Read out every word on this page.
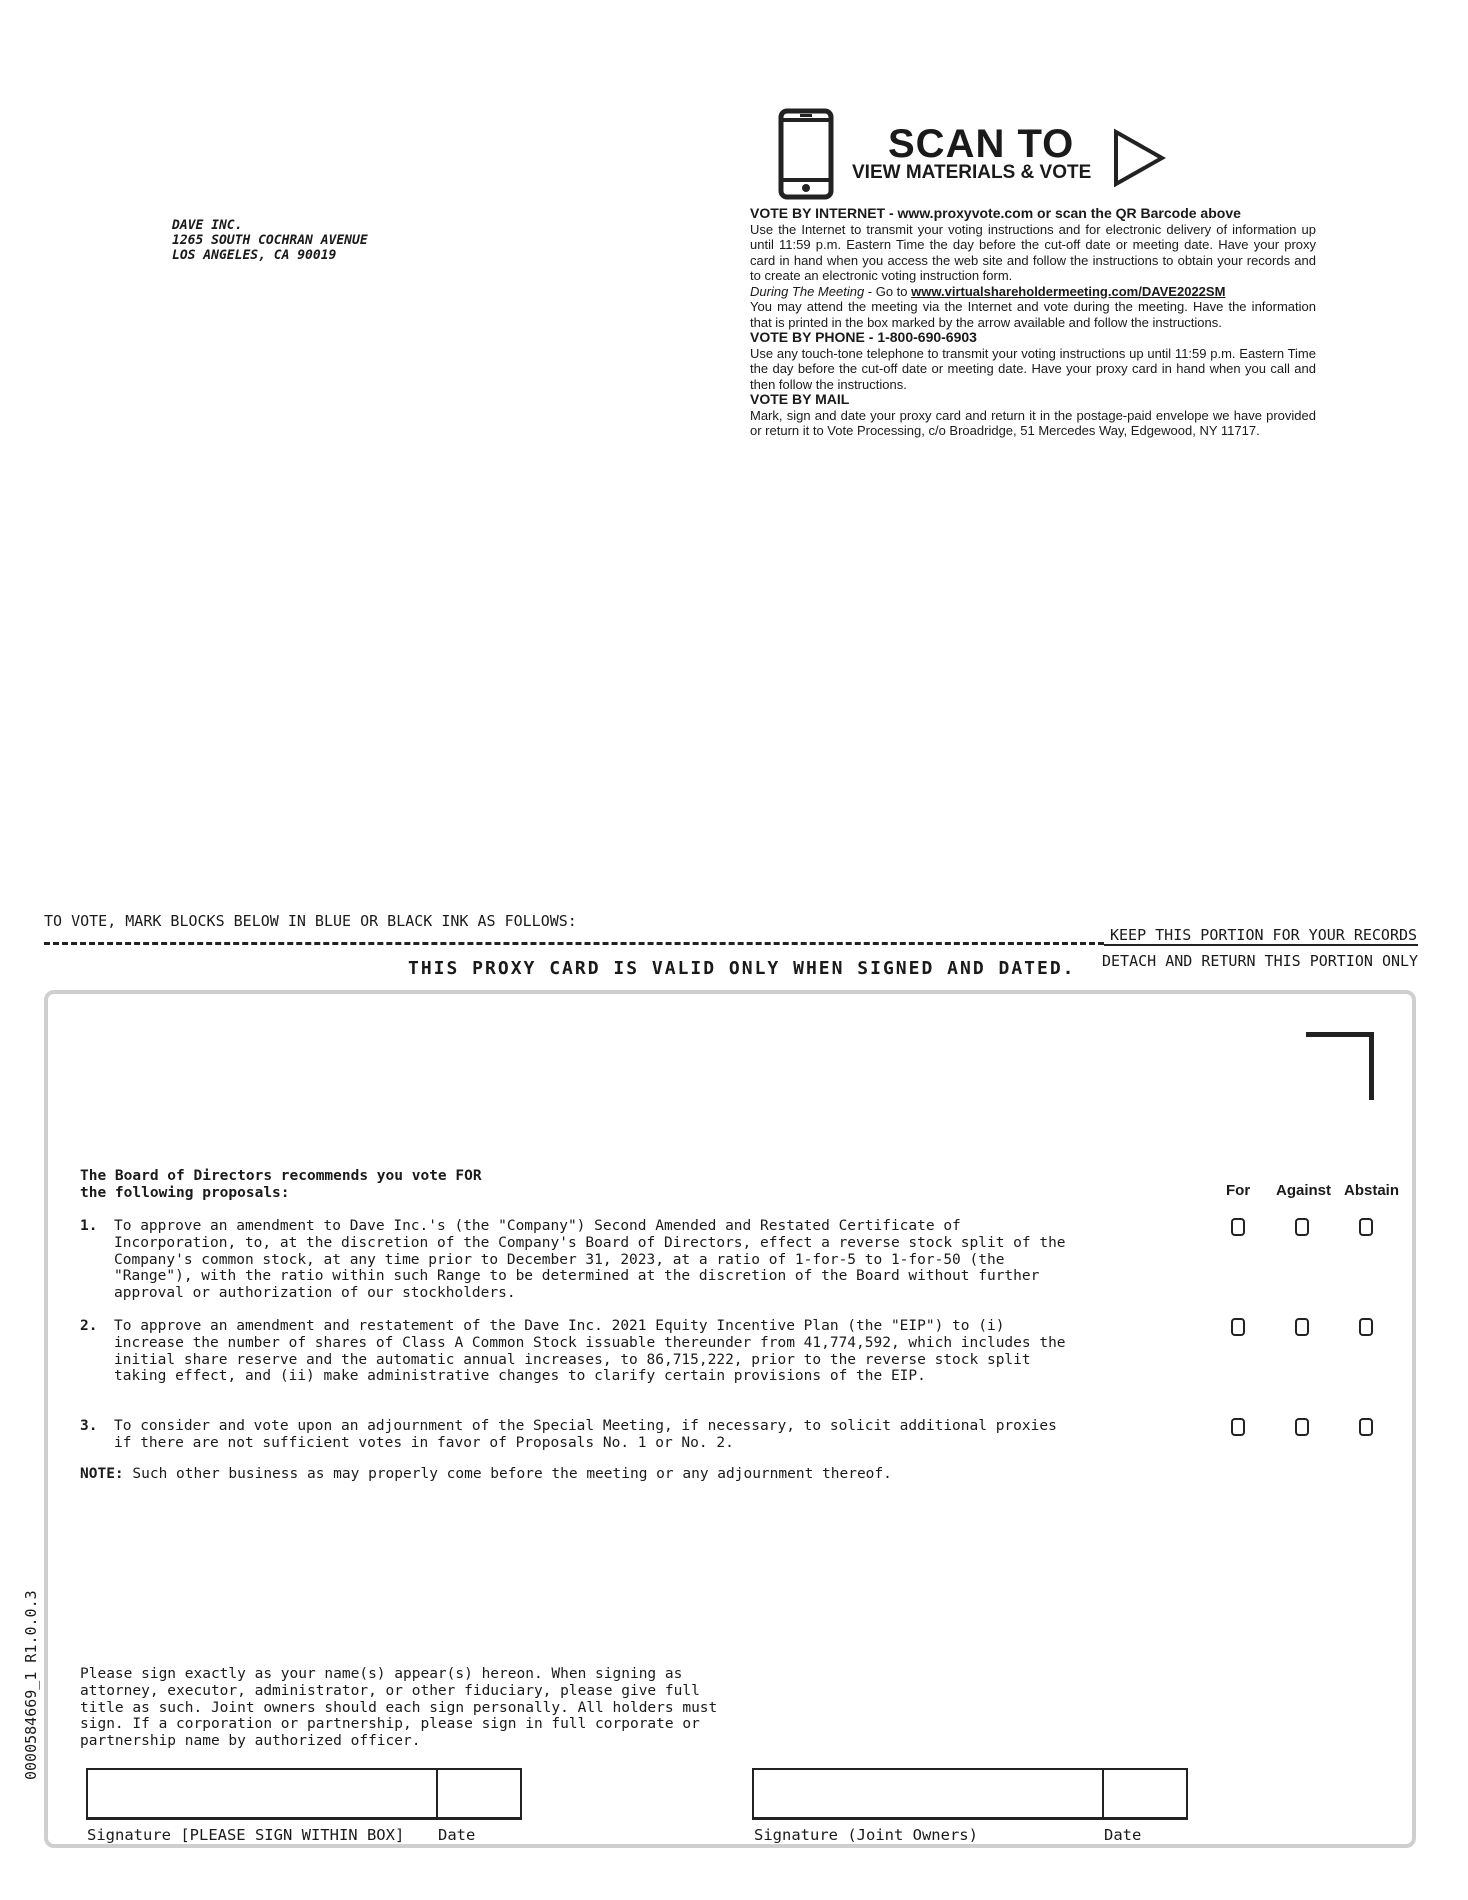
SCAN TO
VIEW MATERIALS & VOTE
DAVE INC.
1265 SOUTH COCHRAN AVENUE
LOS ANGELES, CA 90019

VOTE BY INTERNET - www.proxyvote.com or scan the QR Barcode above

Use the Internet to transmit your voting instructions and for electronic delivery of information up until 11:59 p.m. Eastern Time the day before the cut-off date or meeting date. Have your proxy card in hand when you access the web site and follow the instructions to obtain your records and to create an electronic voting instruction form.

During The Meeting - Go to www.virtualshareholdermeeting.com/DAVE2022SM

You may attend the meeting via the Internet and vote during the meeting. Have the information that is printed in the box marked by the arrow available and follow the instructions.

VOTE BY PHONE - 1-800-690-6903

Use any touch-tone telephone to transmit your voting instructions up until 11:59 p.m. Eastern Time the day before the cut-off date or meeting date. Have your proxy card in hand when you call and then follow the instructions.

VOTE BY MAIL

Mark, sign and date your proxy card and return it in the postage-paid envelope we have provided or return it to Vote Processing, c/o Broadridge, 51 Mercedes Way, Edgewood, NY 11717.

TO VOTE, MARK BLOCKS BELOW IN BLUE OR BLACK INK AS FOLLOWS:
KEEP THIS PORTION FOR YOUR RECORDS
DETACH AND RETURN THIS PORTION ONLY
THIS PROXY CARD IS VALID ONLY WHEN SIGNED AND DATED.
The Board of Directors recommends you vote FOR
the following proposals:	For Against Abstain
1. To approve an amendment to Dave Inc.'s (the "Company") Second Amended and Restated Certificate of
Incorporation, to, at the discretion of the Company's Board of Directors, effect a reverse stock split of the
Company's common stock, at any time prior to December 31, 2023, at a ratio of 1-for-5 to 1-for-50 (the
"Range"), with the ratio within such Range to be determined at the discretion of the Board without further
approval or authorization of our stockholders.
2. To approve an amendment and restatement of the Dave Inc. 2021 Equity Incentive Plan (the "EIP") to (i)
increase the number of shares of Class A Common Stock issuable thereunder from 41,774,592, which includes the
initial share reserve and the automatic annual increases, to 86,715,222, prior to the reverse stock split
taking effect, and (ii) make administrative changes to clarify certain provisions of the EIP.
3. To consider and vote upon an adjournment of the Special Meeting, if necessary, to solicit additional proxies
if there are not sufficient votes in favor of Proposals No. 1 or No. 2.
NOTE: Such other business as may properly come before the meeting or any adjournment thereof.
0000584669_1 R1.0.0.3	Please sign exactly as your name(s) appear(s) hereon. When signing as
attorney, executor, administrator, or other fiduciary, please give full
title as such. Joint owners should each sign personally. All holders must
sign. If a corporation or partnership, please sign in full corporate or
partnership name by authorized officer.
Signature [PLEASE SIGN WITHIN BOX] Date	Signature (Joint Owners)	Date
